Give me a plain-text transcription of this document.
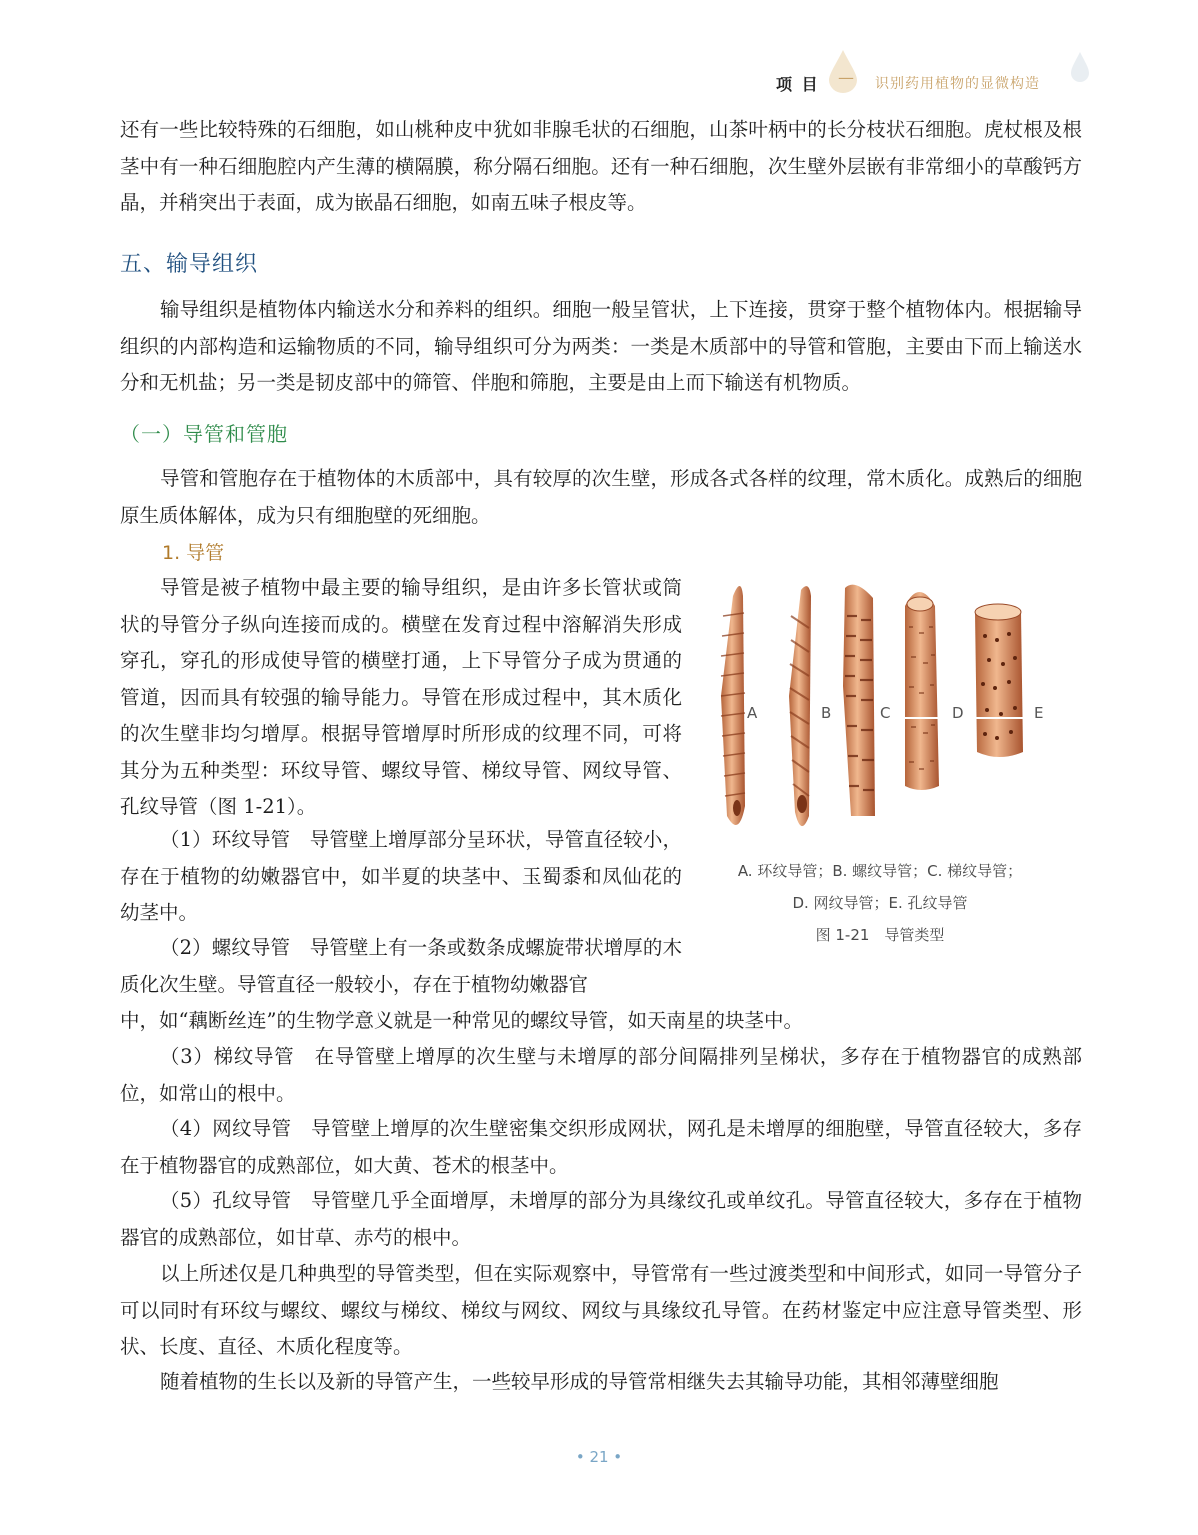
项 目 — 识别药用植物的显微构造

还有一些比较特殊的石细胞，如山桃种皮中犹如非腺毛状的石细胞，山茶叶柄中的长分枝状石细胞。虎杖根及根茎中有一种石细胞腔内产生薄的横隔膜，称分隔石细胞。还有一种石细胞，次生壁外层嵌有非常细小的草酸钙方晶，并稍突出于表面，成为嵌晶石细胞，如南五味子根皮等。

五、输导组织

输导组织是植物体内输送水分和养料的组织。细胞一般呈管状，上下连接，贯穿于整个植物体内。根据输导组织的内部构造和运输物质的不同，输导组织可分为两类：一类是木质部中的导管和管胞，主要由下而上输送水分和无机盐；另一类是韧皮部中的筛管、伴胞和筛胞，主要是由上而下输送有机物质。

（一）导管和管胞

导管和管胞存在于植物体的木质部中，具有较厚的次生壁，形成各式各样的纹理，常木质化。成熟后的细胞原生质体解体，成为只有细胞壁的死细胞。

1. 导管

导管是被子植物中最主要的输导组织，是由许多长管状或筒状的导管分子纵向连接而成的。横壁在发育过程中溶解消失形成穿孔，穿孔的形成使导管的横壁打通，上下导管分子成为贯通的管道，因而具有较强的输导能力。导管在形成过程中，其木质化的次生壁非均匀增厚。根据导管增厚时所形成的纹理不同，可将其分为五种类型：环纹导管、螺纹导管、梯纹导管、网纹导管、孔纹导管（图 1-21）。

（1）环纹导管　导管壁上增厚部分呈环状，导管直径较小，存在于植物的幼嫩器官中，如半夏的块茎中、玉蜀黍和凤仙花的幼茎中。

（2）螺纹导管　导管壁上有一条或数条成螺旋带状增厚的木质化次生壁。导管直径一般较小，存在于植物幼嫩器官

中，如“藕断丝连”的生物学意义就是一种常见的螺纹导管，如天南星的块茎中。

（3）梯纹导管　在导管壁上增厚的次生壁与未增厚的部分间隔排列呈梯状，多存在于植物器官的成熟部位，如常山的根中。

（4）网纹导管　导管壁上增厚的次生壁密集交织形成网状，网孔是未增厚的细胞壁，导管直径较大，多存在于植物器官的成熟部位，如大黄、苍术的根茎中。

（5）孔纹导管　导管壁几乎全面增厚，未增厚的部分为具缘纹孔或单纹孔。导管直径较大，多存在于植物器官的成熟部位，如甘草、赤芍的根中。

以上所述仅是几种典型的导管类型，但在实际观察中，导管常有一些过渡类型和中间形式，如同一导管分子可以同时有环纹与螺纹、螺纹与梯纹、梯纹与网纹、网纹与具缘纹孔导管。在药材鉴定中应注意导管类型、形状、长度、直径、木质化程度等。

随着植物的生长以及新的导管产生，一些较早形成的导管常相继失去其输导功能，其相邻薄壁细胞

A	B	C	D	E
A. 环纹导管；B. 螺纹导管；C. 梯纹导管；
D. 网纹导管；E. 孔纹导管
图 1-21　导管类型
• 21 •
